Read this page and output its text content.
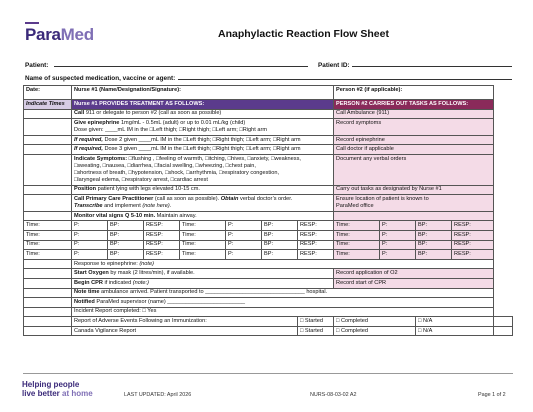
ParaMed	Anaphylactic Reaction Flow Sheet
Patient:	Patient ID:
Name of suspected medication, vaccine or agent:
Date:	Nurse #1 (Name/Designation/Signature):							Person #2 (if applicable):				
Indicate Times	Nurse #1 PROVIDES TREATMENT AS FOLLOWS:							PERSON #2 CARRIES OUT TASKS AS FOLLOWS:				
	Call 911 or delegate to person #2 (call as soon as possible)							Call Ambulance (911)				
	Give epinephrine 1mg/mL - 0.5mL (adult) or up to 0.01 mL/kg (child)
Dose given: ____mL IM in the □Left thigh; □Right thigh; □Left arm; □Right arm							Record symptoms				
	If required, Dose 2 given ____mL IM in the □Left thigh; □Right thigh; □Left arm; □Right arm							Record epinephrine				
	If required, Dose 3 given ____mL IM in the □Left thigh; □Right thigh; □Left arm; □Right arm							Call doctor if applicable				
	Indicate Symptoms: □flushing , □feeling of warmth, □itching, □hives, □anxiety, □weakness,
□sweating, □nausea, □diarrhea, □facial swelling, □wheezing, □chest pain,
□shortness of breath, □hypotension, □shock, □arrhythmia, □respiratory congestion,
□laryngeal edema, □respiratory arrest, □cardiac arrest							Document any verbal orders				
	Position patient lying with legs elevated 10-15 cm.							Carry out tasks as designated by Nurse #1				
	Call Primary Care Practitioner (call as soon as possible). Obtain verbal doctor’s order.
Transcribe and implement (note here).							Ensure location of patient is known to
ParaMed office				
	Monitor vital signs Q 5-10 min. Maintain airway.											
Time:	P:	BP:	RESP:	Time:	P:	BP:	RESP:	Time:	P:	BP:	RESP:	
Time:	P:	BP:	RESP:	Time:	P:	BP:	RESP:	Time:	P:	BP:	RESP:	
Time:	P:	BP:	RESP:	Time:	P:	BP:	RESP:	Time:	P:	BP:	RESP:	
Time:	P:	BP:	RESP:	Time:	P:	BP:	RESP:	Time:	P:	BP:	RESP:	
	Response to epinephrine: (note)											
	Start Oxygen by mask (2 litres/min), if available.							Record application of O2				
	Begin CPR if indicated (note:)							Record start of CPR				
	Note time ambulance arrived. Patient transported to ________________________________ hospital.											
	Notified ParaMed supervisor (name) _________________________											
	Incident Report completed: □ Yes											
	Report of Adverse Events Following an Immunization:						□ Started	□ Completed		□ N/A		
	Canada Vigilance Report						□ Started	□ Completed		□ N/A		
Helping people
live better at home	LAST UPDATED: April 2026	NURS-08-03-02 A2	Page 1 of 2
